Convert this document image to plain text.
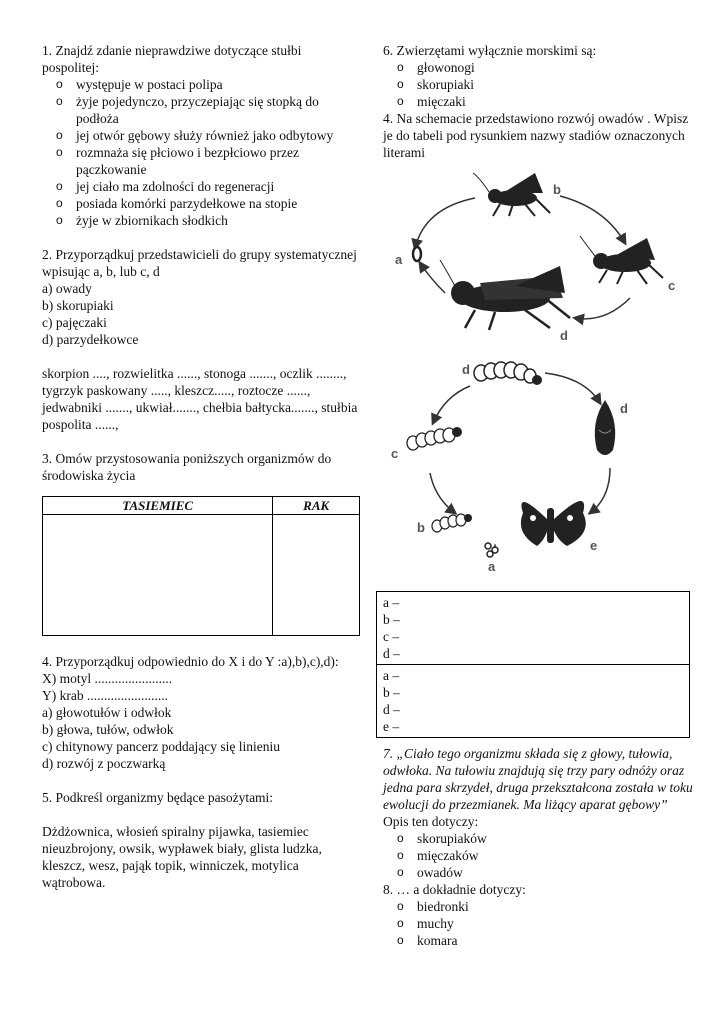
1. Znajdź zdanie nieprawdziwe dotyczące stułbi pospolitej:

o występuje w postaci polipa
o żyje pojedynczo, przyczepiając się stopką do podłoża
o jej otwór gębowy służy również jako odbytowy
o rozmnaża się płciowo i bezpłciowo przez pączkowanie
o jej ciało ma zdolności do regeneracji
o posiada komórki parzydełkowe na stopie
o żyje w zbiornikach słodkich

2. Przyporządkuj przedstawicieli do grupy systematycznej wpisując a, b, lub c, d

a) owady

b) skorupiaki

c) pajęczaki

d) parzydełkowce

skorpion ...., rozwielitka ......, stonoga ......., oczlik ........, tygrzyk paskowany ....., kleszcz....., roztocze ......, jedwabniki ......., ukwiał......., chełbia bałtycka......., stułbia pospolita ......,

3. Omów przystosowania poniższych organizmów do środowiska życia

TASIEMIEC	RAK

4. Przyporządkuj odpowiednio do X i do Y :a),b),c),d):

X) motyl .......................

Y) krab ........................

a) głowotułów i odwłok

b) głowa, tułów, odwłok

c) chitynowy pancerz poddający się linieniu

d) rozwój z poczwarką

5. Podkreśl organizmy będące pasożytami:

Dżdżownica, włosień spiralny pijawka, tasiemiec nieuzbrojony, owsik, wypławek biały, glista ludzka, kleszcz, wesz, pająk topik, winniczek, motylica wątrobowa.

6. Zwierzętami wyłącznie morskimi są:

o głowonogi
o skorupiaki
o mięczaki

4. Na schemacie przedstawiono rozwój owadów . Wpisz je do tabeli pod rysunkiem nazwy stadiów oznaczonych literami

a
b
c
d
d
d
c
b
e
a

a –

b –

c –

d –

a –

b –

d –

e –

7. „Ciało tego organizmu składa się z głowy, tułowia, odwłoka. Na tułowiu znajdują się trzy pary odnóży oraz jedna para skrzydeł, druga przekształcona została w toku ewolucji do przezmianek. Ma liżący aparat gębowy”

Opis ten dotyczy:

o skorupiaków
o mięczaków
o owadów

8. … a dokładnie dotyczy:

o biedronki
o muchy
o komara
